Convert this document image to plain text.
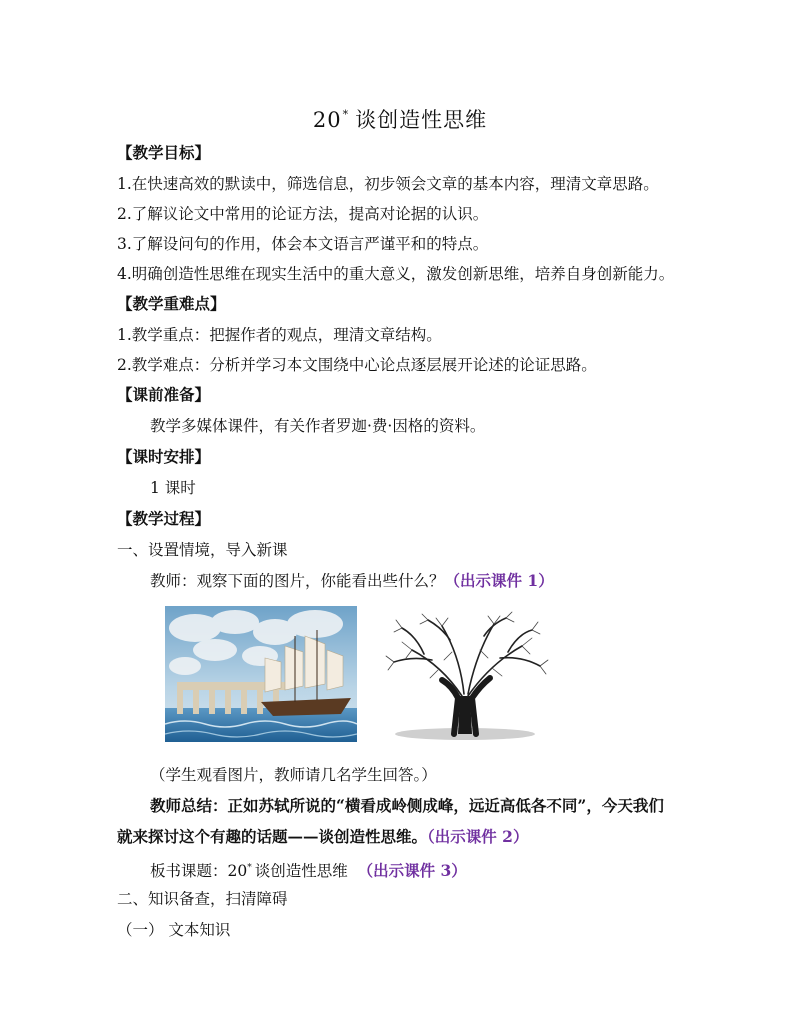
20* 谈创造性思维
【教学目标】
1.在快速高效的默读中，筛选信息，初步领会文章的基本内容，理清文章思路。
2.了解议论文中常用的论证方法，提高对论据的认识。
3.了解设问句的作用，体会本文语言严谨平和的特点。
4.明确创造性思维在现实生活中的重大意义，激发创新思维，培养自身创新能力。
【教学重难点】
1.教学重点：把握作者的观点，理清文章结构。
2.教学难点：分析并学习本文围绕中心论点逐层展开论述的论证思路。
【课前准备】
教学多媒体课件，有关作者罗迦·费·因格的资料。
【课时安排】
1 课时
【教学过程】
一、设置情境，导入新课
教师：观察下面的图片，你能看出些什么？（出示课件 1）
（学生观看图片，教师请几名学生回答。）
教师总结：正如苏轼所说的“横看成岭侧成峰，远近高低各不同”，今天我们
就来探讨这个有趣的话题——谈创造性思维。（出示课件 2）
板书课题：20* 谈创造性思维 （出示课件 3）
二、知识备查，扫清障碍
（一） 文本知识
